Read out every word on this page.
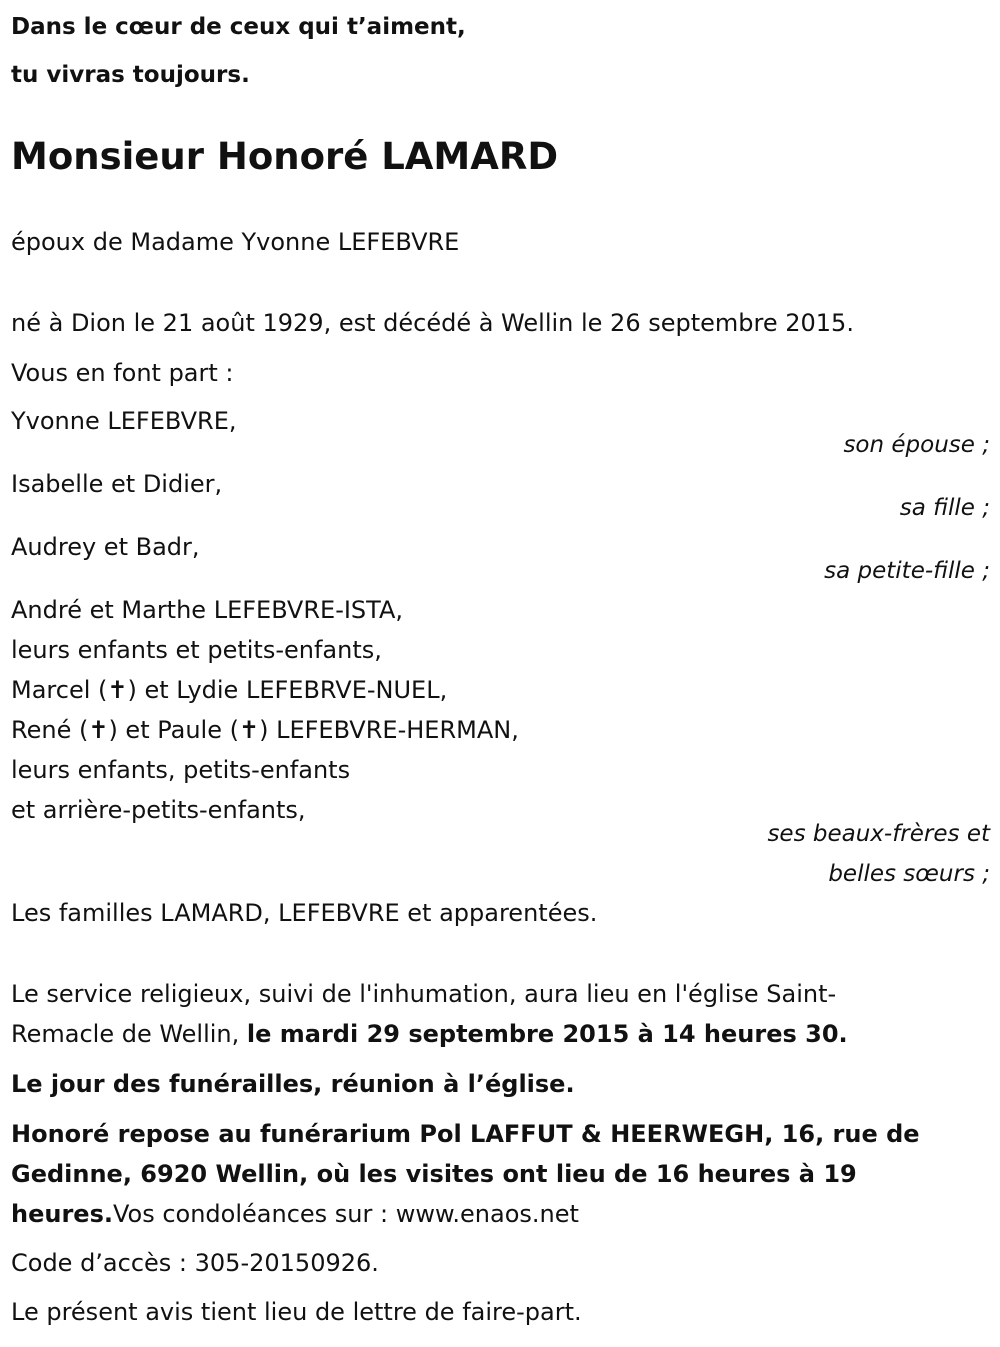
Dans le cœur de ceux qui t’aiment,

tu vivras toujours.

Monsieur Honoré LAMARD

époux de Madame Yvonne LEFEBVRE

né à Dion le 21 août 1929, est décédé à Wellin le 26 septembre 2015.

Vous en font part :

Yvonne LEFEBVRE,

son épouse ;

Isabelle et Didier,

sa fille ;

Audrey et Badr,

sa petite-fille ;

André et Marthe LEFEBVRE-ISTA,

leurs enfants et petits-enfants,

Marcel (✝) et Lydie LEFEBRVE-NUEL,

René (✝) et Paule (✝) LEFEBVRE-HERMAN,

leurs enfants, petits-enfants

et arrière-petits-enfants,

ses beaux-frères et

belles sœurs ;

Les familles LAMARD, LEFEBVRE et apparentées.

Le service religieux, suivi de l'inhumation, aura lieu en l'église Saint-

Remacle de Wellin, le mardi 29 septembre 2015 à 14 heures 30.

Le jour des funérailles, réunion à l’église.

Honoré repose au funérarium Pol LAFFUT & HEERWEGH, 16, rue de

Gedinne, 6920 Wellin, où les visites ont lieu de 16 heures à 19

heures.Vos condoléances sur : www.enaos.net

Code d’accès : 305-20150926.

Le présent avis tient lieu de lettre de faire-part.
